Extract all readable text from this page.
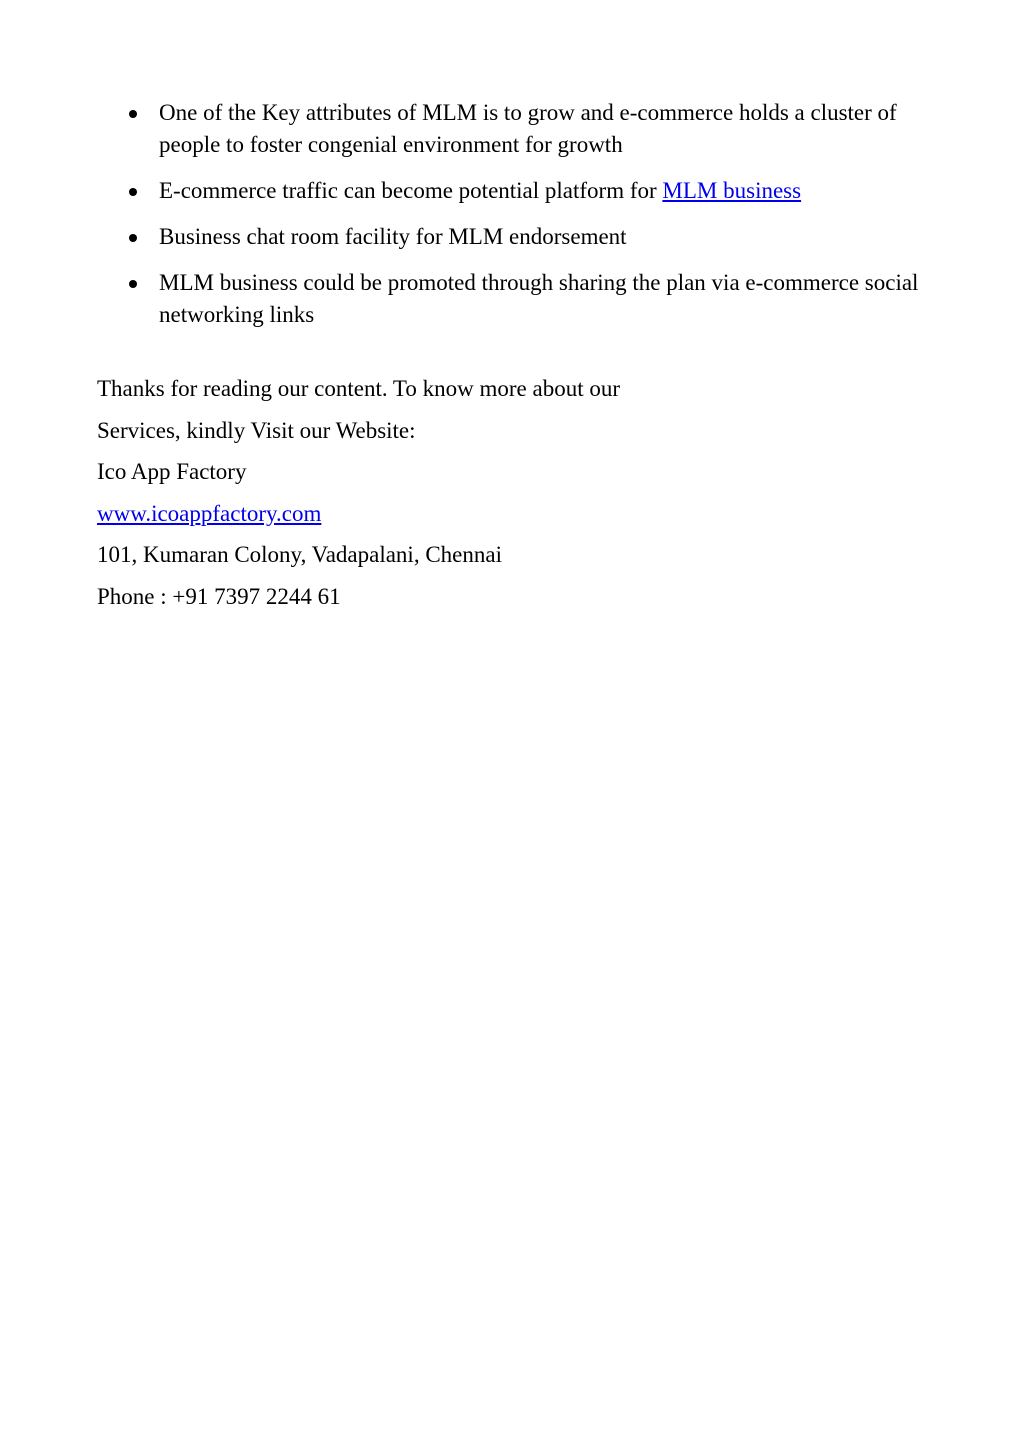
One of the Key attributes of MLM is to grow and e-commerce holds a cluster of people to foster congenial environment for growth
E-commerce traffic can become potential platform for MLM business
Business chat room facility for MLM endorsement
MLM business could be promoted through sharing the plan via e-commerce social networking links
Thanks for reading our content. To know more about our
Services, kindly Visit our Website:
Ico App Factory
www.icoappfactory.com
101, Kumaran Colony, Vadapalani, Chennai
Phone : +91 7397 2244 61
